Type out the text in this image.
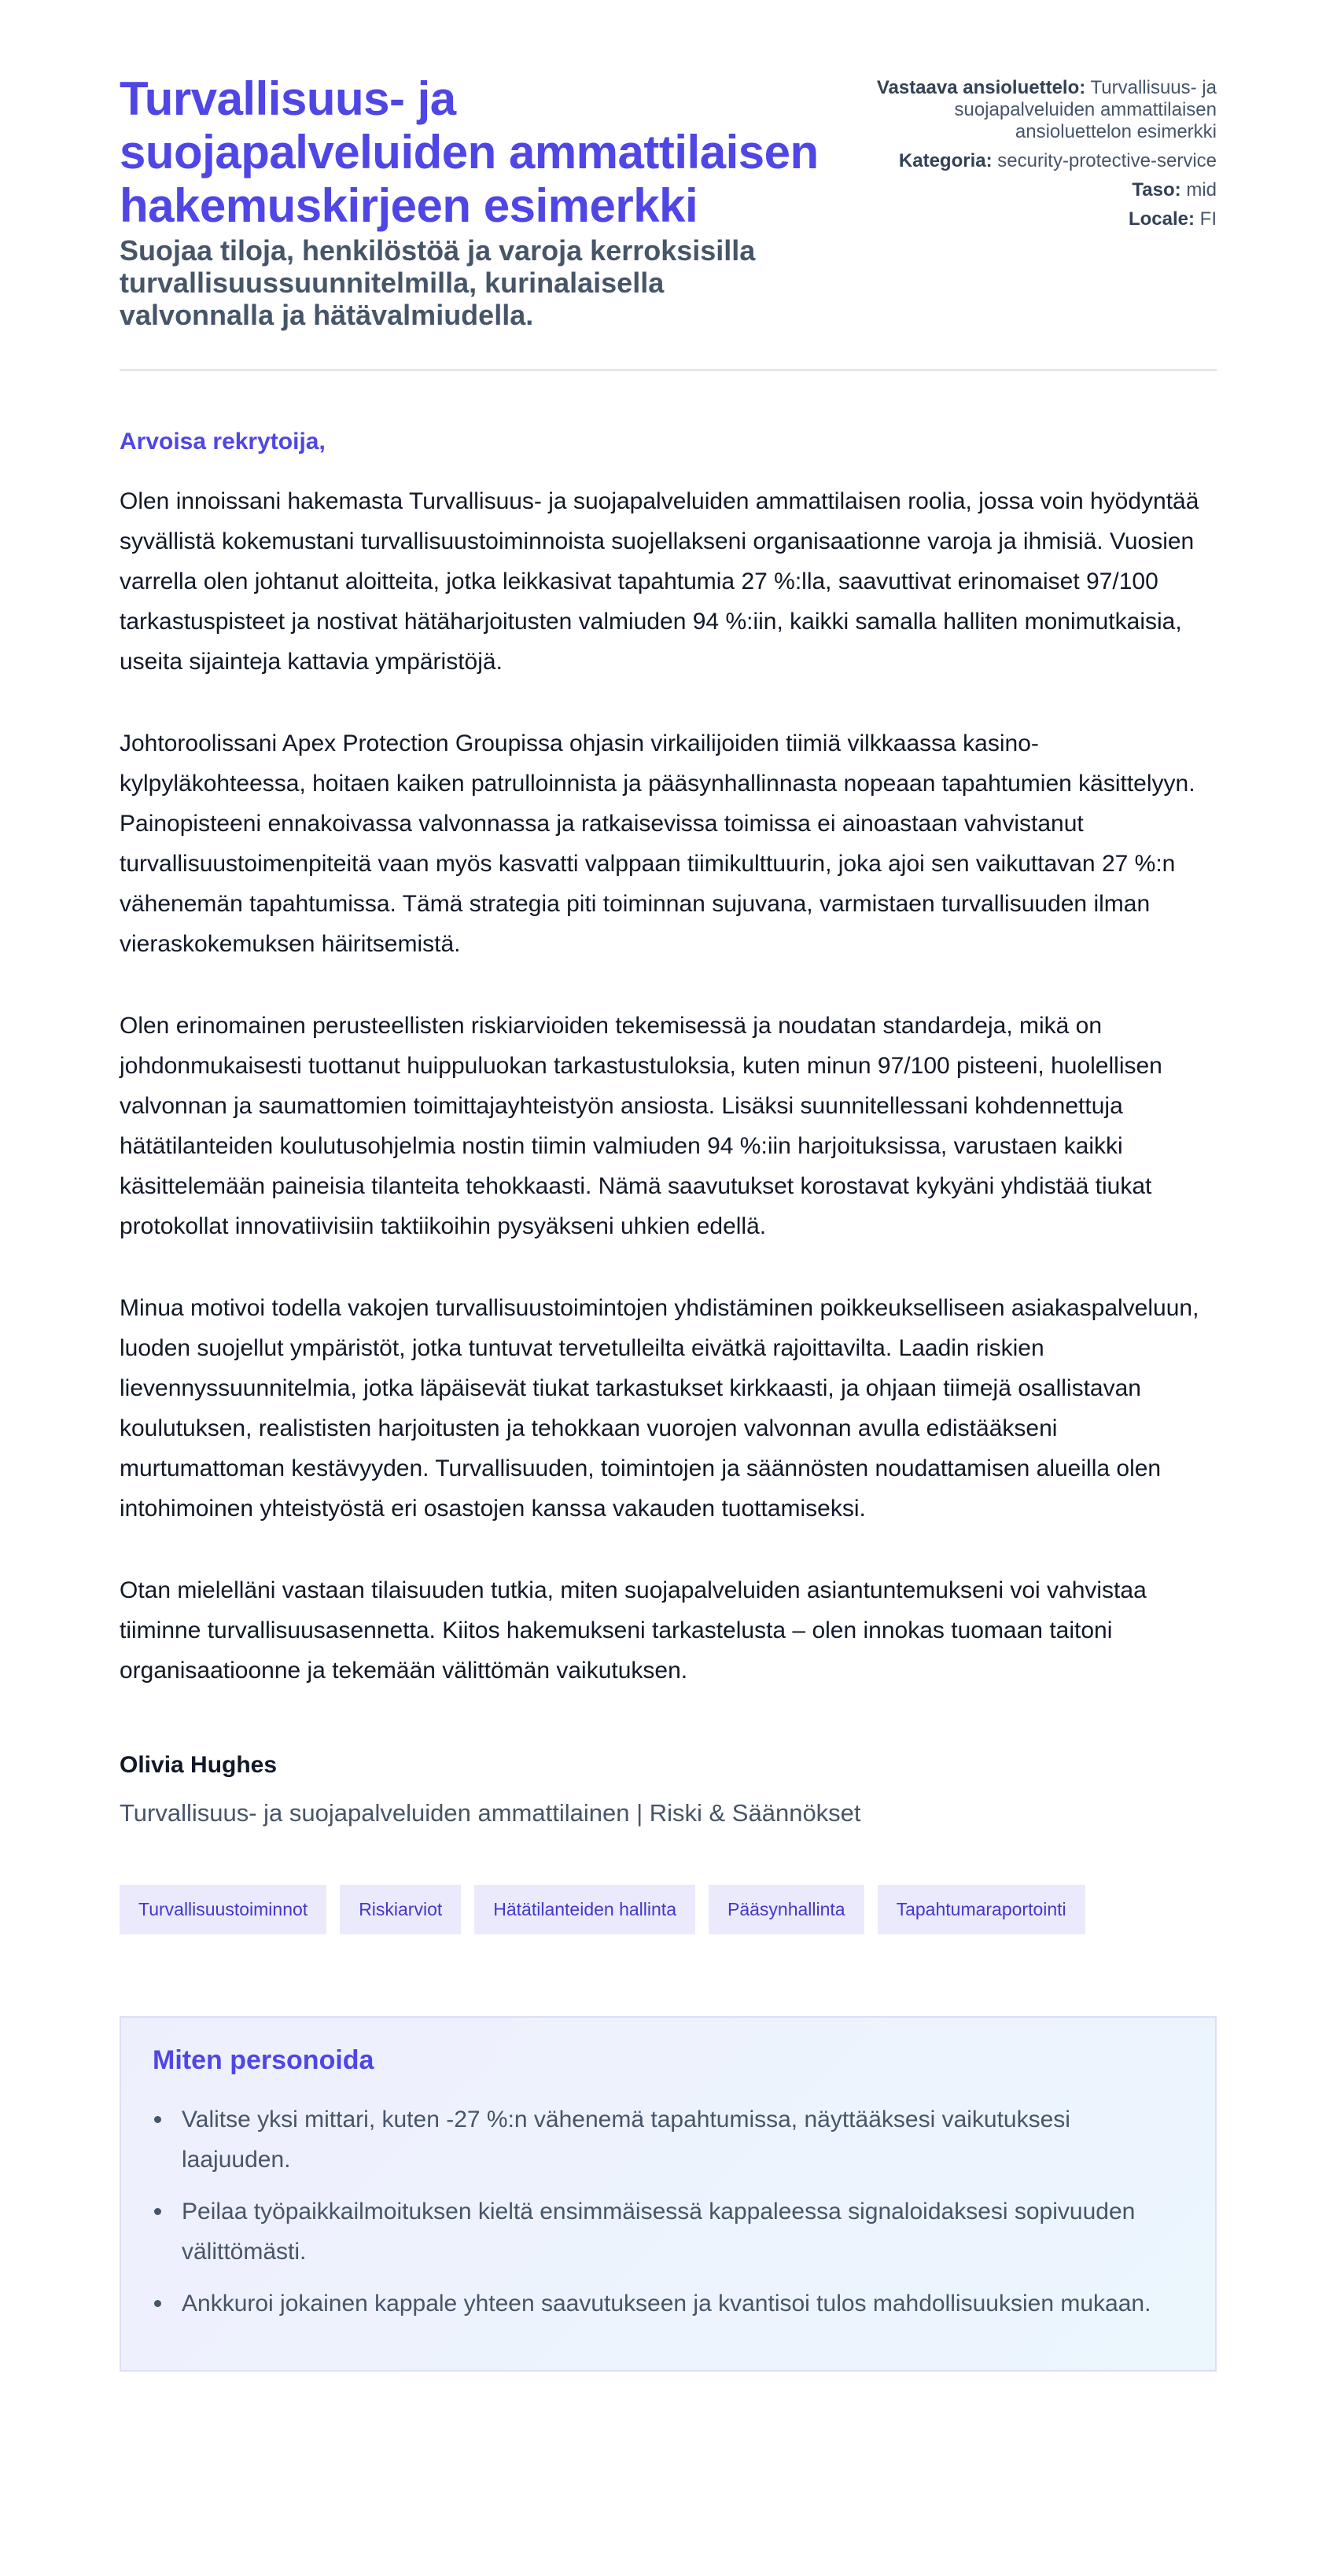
Turvallisuus- ja suojapalveluiden ammattilaisen hakemuskirjeen esimerkki
Suojaa tiloja, henkilöstöä ja varoja kerroksisilla turvallisuussuunnitelmilla, kurinalaisella valvonnalla ja hätävalmiudella.
Vastaava ansioluettelo: Turvallisuus- ja suojapalveluiden ammattilaisen ansioluettelon esimerkki
Kategoria: security-protective-service
Taso: mid
Locale: FI
Arvoisa rekrytoija,

Olen innoissani hakemasta Turvallisuus- ja suojapalveluiden ammattilaisen roolia, jossa voin hyödyntää syvällistä kokemustani turvallisuustoiminnoista suojellakseni organisaationne varoja ja ihmisiä. Vuosien varrella olen johtanut aloitteita, jotka leikkasivat tapahtumia 27 %:lla, saavuttivat erinomaiset 97/100 tarkastuspisteet ja nostivat hätäharjoitusten valmiuden 94 %:iin, kaikki samalla halliten monimutkaisia, useita sijainteja kattavia ympäristöjä.

Johtoroolissani Apex Protection Groupissa ohjasin virkailijoiden tiimiä vilkkaassa kasino-kylpyläkohteessa, hoitaen kaiken patrulloinnista ja pääsynhallinnasta nopeaan tapahtumien käsittelyyn. Painopisteeni ennakoivassa valvonnassa ja ratkaisevissa toimissa ei ainoastaan vahvistanut turvallisuustoimenpiteitä vaan myös kasvatti valppaan tiimikulttuurin, joka ajoi sen vaikuttavan 27 %:n vähenemän tapahtumissa. Tämä strategia piti toiminnan sujuvana, varmistaen turvallisuuden ilman vieraskokemuksen häiritsemistä.

Olen erinomainen perusteellisten riskiarvioiden tekemisessä ja noudatan standardeja, mikä on johdonmukaisesti tuottanut huippuluokan tarkastustuloksia, kuten minun 97/100 pisteeni, huolellisen valvonnan ja saumattomien toimittajayhteistyön ansiosta. Lisäksi suunnitellessani kohdennettuja hätätilanteiden koulutusohjelmia nostin tiimin valmiuden 94 %:iin harjoituksissa, varustaen kaikki käsittelemään paineisia tilanteita tehokkaasti. Nämä saavutukset korostavat kykyäni yhdistää tiukat protokollat innovatiivisiin taktiikoihin pysyäkseni uhkien edellä.

Minua motivoi todella vakojen turvallisuustoimintojen yhdistäminen poikkeukselliseen asiakaspalveluun, luoden suojellut ympäristöt, jotka tuntuvat tervetulleilta eivätkä rajoittavilta. Laadin riskien lievennyssuunnitelmia, jotka läpäisevät tiukat tarkastukset kirkkaasti, ja ohjaan tiimejä osallistavan koulutuksen, realististen harjoitusten ja tehokkaan vuorojen valvonnan avulla edistääkseni murtumattoman kestävyyden. Turvallisuuden, toimintojen ja säännösten noudattamisen alueilla olen intohimoinen yhteistyöstä eri osastojen kanssa vakauden tuottamiseksi.

Otan mielelläni vastaan tilaisuuden tutkia, miten suojapalveluiden asiantuntemukseni voi vahvistaa tiiminne turvallisuusasennetta. Kiitos hakemukseni tarkastelusta – olen innokas tuomaan taitoni organisaatioonne ja tekemään välittömän vaikutuksen.

Olivia Hughes
Turvallisuus- ja suojapalveluiden ammattilainen | Riski & Säännökset
Turvallisuustoiminnot	Riskiarviot	Hätätilanteiden hallinta	Pääsynhallinta	Tapahtumaraportointi
Miten personoida
Valitse yksi mittari, kuten -27 %:n vähenemä tapahtumissa, näyttääksesi vaikutuksesi laajuuden.
Peilaa työpaikkailmoituksen kieltä ensimmäisessä kappaleessa signaloidaksesi sopivuuden välittömästi.
Ankkuroi jokainen kappale yhteen saavutukseen ja kvantisoi tulos mahdollisuuksien mukaan.
